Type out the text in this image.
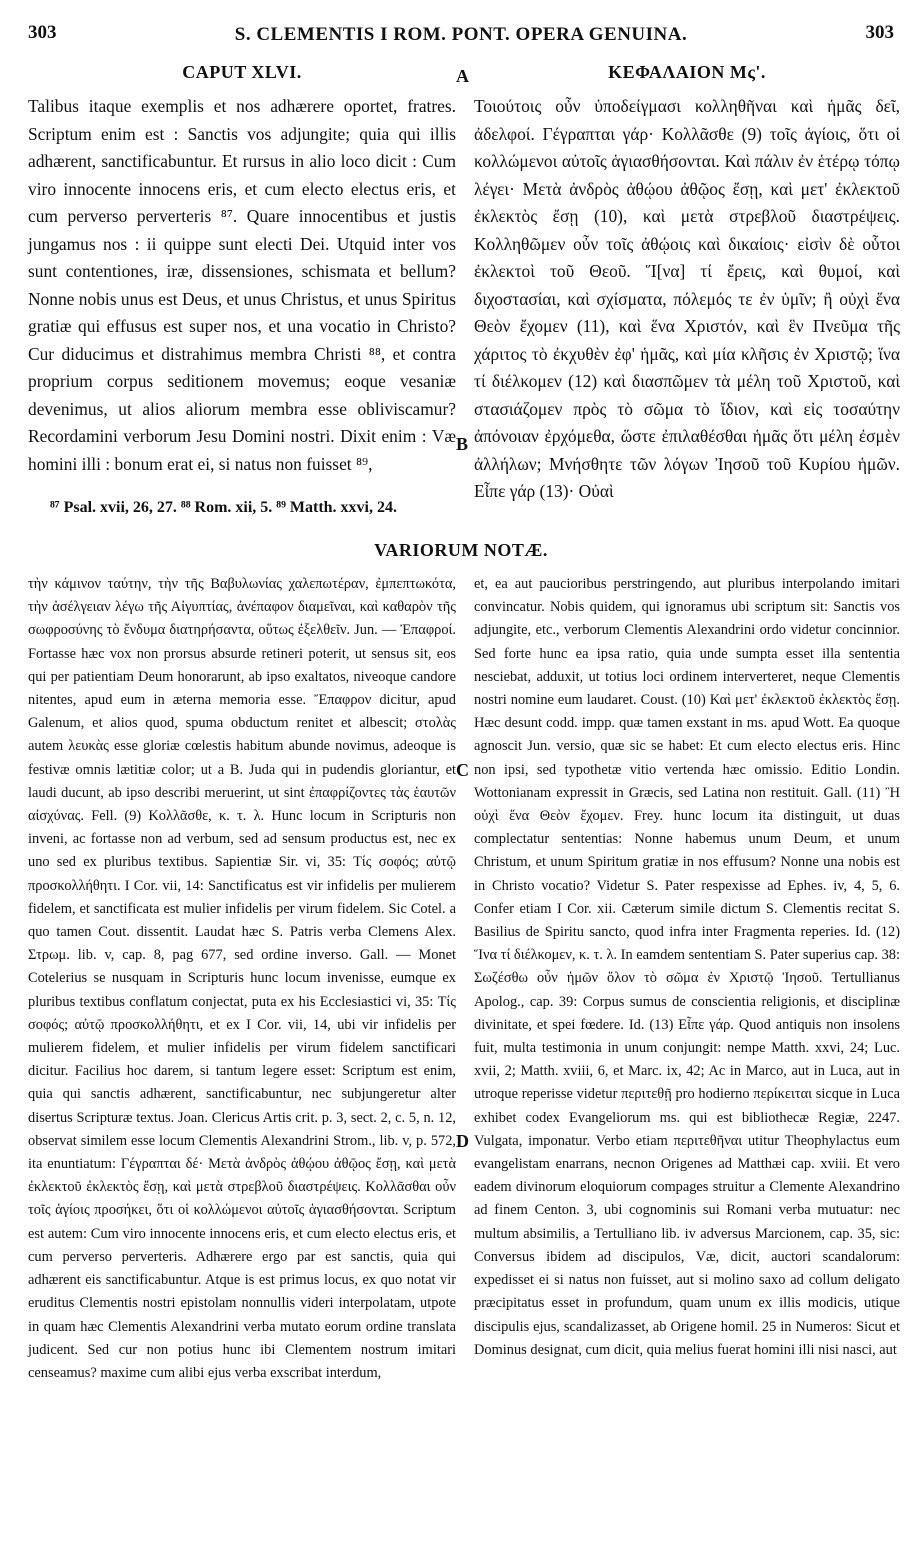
303	S. CLEMENTIS I ROM. PONT. OPERA GENUINA.	303
CAPUT XLVI.

Talibus itaque exemplis et nos adhærere oportet, fratres. Scriptum enim est : Sanctis vos adjungite; quia qui illis adhærent, sanctificabuntur. Et rursus in alio loco dicit : Cum viro innocente innocens eris, et cum electo electus eris, et cum perverso perverteris ⁸⁷. Quare innocentibus et justis jungamus nos : ii quippe sunt electi Dei. Utquid inter vos sunt contentiones, iræ, dissensiones, schismata et bellum? Nonne nobis unus est Deus, et unus Christus, et unus Spiritus gratiæ qui effusus est super nos, et una vocatio in Christo? Cur diducimus et distrahimus membra Christi ⁸⁸, et contra proprium corpus seditionem movemus; eoque vesaniæ devenimus, ut alios aliorum membra esse obliviscamur? Recordamini verborum Jesu Domini nostri. Dixit enim : Væ homini illi : bonum erat ei, si natus non fuisset ⁸⁹,

ΚΕΦΑΛΑΙΟΝ Μς'.

Τοιούτοις οὖν ὑποδείγμασι κολληθῆναι καὶ ἡμᾶς δεῖ, ἀδελφοί. Γέγραπται γάρ· Κολλᾶσθε (9) τοῖς ἁγίοις, ὅτι οἱ κολλώμενοι αὐτοῖς ἁγιασθήσονται. Καὶ πάλιν ἐν ἑτέρῳ τόπῳ λέγει· Μετὰ ἀνδρὸς ἀθῴου ἀθῷος ἔσῃ, καὶ μετ' ἐκλεκτοῦ ἐκλεκτὸς ἔσῃ (10), καὶ μετὰ στρεβλοῦ διαστρέψεις. Κολληθῶμεν οὖν τοῖς ἀθῴοις καὶ δικαίοις· εἰσὶν δὲ οὗτοι ἐκλεκτοὶ τοῦ Θεοῦ. Ἵ[να] τί ἔρεις, καὶ θυμοί, καὶ διχοστασίαι, καὶ σχίσματα, πόλεμός τε ἐν ὑμῖν; ἢ οὐχὶ ἕνα Θεὸν ἔχομεν (11), καὶ ἕνα Χριστόν, καὶ ἓν Πνεῦμα τῆς χάριτος τὸ ἐκχυθὲν ἐφ' ἡμᾶς, καὶ μία κλῆσις ἐν Χριστῷ; ἵνα τί διέλκομεν (12) καὶ διασπῶμεν τὰ μέλη τοῦ Χριστοῦ, καὶ στασιάζομεν πρὸς τὸ σῶμα τὸ ἴδιον, καὶ εἰς τοσαύτην ἀπόνοιαν ἐρχόμεθα, ὥστε ἐπιλαθέσθαι ἡμᾶς ὅτι μέλη ἐσμὲν ἀλλήλων; Μνήσθητε τῶν λόγων Ἰησοῦ τοῦ Κυρίου ἡμῶν. Εἶπε γάρ (13)· Οὐαὶ

A
B
⁸⁷ Psal. xvii, 26, 27. ⁸⁸ Rom. xii, 5. ⁸⁹ Matth. xxvi, 24.
VARIORUM NOTÆ.

τὴν κάμινον ταύτην, τὴν τῆς Βαβυλωνίας χαλεπωτέραν, ἐμπεπτωκότα, τὴν ἀσέλγειαν λέγω τῆς Αἰγυπτίας, ἀνέπαφον διαμεῖναι, καὶ καθαρὸν τῆς σωφροσύνης τὸ ἔνδυμα διατηρήσαντα, οὕτως ἐξελθεῖν. Jun. — Ἐπαφροί. Fortasse hæc vox non prorsus absurde retineri poterit, ut sensus sit, eos qui per patientiam Deum honorarunt, ab ipso exaltatos, niveoque candore nitentes, apud eum in æterna memoria esse. Ἔπαφρον dicitur, apud Galenum, et alios quod, spuma obductum renitet et albescit; στολὰς autem λευκὰς esse gloriæ cœlestis habitum abunde novimus, adeoque is festivæ omnis lætitiæ color; ut a B. Juda qui in pudendis gloriantur, et laudi ducunt, ab ipso describi meruerint, ut sint ἐπαφρίζοντες τὰς ἑαυτῶν αἰσχύνας. Fell. (9) Κολλᾶσθε, κ. τ. λ. Hunc locum in Scripturis non inveni, ac fortasse non ad verbum, sed ad sensum productus est, nec ex uno sed ex pluribus textibus. Sapientiæ Sir. vi, 35: Τίς σοφός; αὐτῷ προσκολλήθητι. I Cor. vii, 14: Sanctificatus est vir infidelis per mulierem fidelem, et sanctificata est mulier infidelis per virum fidelem. Sic Cotel. a quo tamen Cout. dissentit. Laudat hæc S. Patris verba Clemens Alex. Στρωμ. lib. v, cap. 8, pag 677, sed ordine inverso. Gall. — Monet Cotelerius se nusquam in Scripturis hunc locum invenisse, eumque ex pluribus textibus conflatum conjectat, puta ex his Ecclesiastici vi, 35: Τίς σοφός; αὐτῷ προσκολλήθητι, et ex I Cor. vii, 14, ubi vir infidelis per mulierem fidelem, et mulier infidelis per virum fidelem sanctificari dicitur. Facilius hoc darem, si tantum legere esset: Scriptum est enim, quia qui sanctis adhærent, sanctificabuntur, nec subjungeretur alter disertus Scripturæ textus. Joan. Clericus Artis crit. p. 3, sect. 2, c. 5, n. 12, observat similem esse locum Clementis Alexandrini Strom., lib. v, p. 572, ita enuntiatum: Γέγραπται δέ· Μετὰ ἀνδρὸς ἀθῴου ἀθῷος ἔσῃ, καὶ μετὰ ἐκλεκτοῦ ἐκλεκτὸς ἔσῃ, καὶ μετὰ στρεβλοῦ διαστρέψεις. Κολλᾶσθαι οὖν τοῖς ἁγίοις προσήκει, ὅτι οἱ κολλώμενοι αὐτοῖς ἁγιασθήσονται. Scriptum est autem: Cum viro innocente innocens eris, et cum electo electus eris, et cum perverso perverteris. Adhærere ergo par est sanctis, quia qui adhærent eis sanctificabuntur. Atque is est primus locus, ex quo notat vir eruditus Clementis nostri epistolam nonnullis videri interpolatam, utpote in quam hæc Clementis Alexandrini verba mutato eorum ordine translata judicent. Sed cur non potius hunc ibi Clementem nostrum imitari censeamus? maxime cum alibi ejus verba exscribat interdum,

et, ea aut paucioribus perstringendo, aut pluribus interpolando imitari convincatur. Nobis quidem, qui ignoramus ubi scriptum sit: Sanctis vos adjungite, etc., verborum Clementis Alexandrini ordo videtur concinnior. Sed forte hunc ea ipsa ratio, quia unde sumpta esset illa sententia nesciebat, adduxit, ut totius loci ordinem interverteret, neque Clementis nostri nomine eum laudaret. Coust. (10) Καὶ μετ' ἐκλεκτοῦ ἐκλεκτὸς ἔσῃ. Hæc desunt codd. impp. quæ tamen exstant in ms. apud Wott. Ea quoque agnoscit Jun. versio, quæ sic se habet: Et cum electo electus eris. Hinc non ipsi, sed typothetæ vitio vertenda hæc omissio. Editio Londin. Wottonianam expressit in Græcis, sed Latina non restituit. Gall. (11) Ἢ οὐχὶ ἕνα Θεὸν ἔχομεν. Frey. hunc locum ita distinguit, ut duas complectatur sententias: Nonne habemus unum Deum, et unum Christum, et unum Spiritum gratiæ in nos effusum? Nonne una nobis est in Christo vocatio? Videtur S. Pater respexisse ad Ephes. iv, 4, 5, 6. Confer etiam I Cor. xii. Cæterum simile dictum S. Clementis recitat S. Basilius de Spiritu sancto, quod infra inter Fragmenta reperies. Id. (12) Ἵνα τί διέλκομεν, κ. τ. λ. In eamdem sententiam S. Pater superius cap. 38: Σωζέσθω οὖν ἡμῶν ὅλον τὸ σῶμα ἐν Χριστῷ Ἰησοῦ. Tertullianus Apolog., cap. 39: Corpus sumus de conscientia religionis, et disciplinæ divinitate, et spei fœdere. Id. (13) Εἶπε γάρ. Quod antiquis non insolens fuit, multa testimonia in unum conjungit: nempe Matth. xxvi, 24; Luc. xvii, 2; Matth. xviii, 6, et Marc. ix, 42; Ac in Marco, aut in Luca, aut in utroque reperisse videtur περιτεθῇ pro hodierno περίκειται sicque in Luca exhibet codex Evangeliorum ms. qui est bibliothecæ Regiæ, 2247. Vulgata, imponatur. Verbo etiam περιτεθῆναι utitur Theophylactus eum evangelistam enarrans, necnon Origenes ad Matthæi cap. xviii. Et vero eadem divinorum eloquiorum compages struitur a Clemente Alexandrino ad finem Centon. 3, ubi cognominis sui Romani verba mutuatur: nec multum absimilis, a Tertulliano lib. iv adversus Marcionem, cap. 35, sic: Conversus ibidem ad discipulos, Væ, dicit, auctori scandalorum: expedisset ei si natus non fuisset, aut si molino saxo ad collum deligato præcipitatus esset in profundum, quam unum ex illis modicis, utique discipulis ejus, scandalizasset, ab Origene homil. 25 in Numeros: Sicut et Dominus designat, cum dicit, quia melius fuerat homini illi nisi nasci, aut

C
D
